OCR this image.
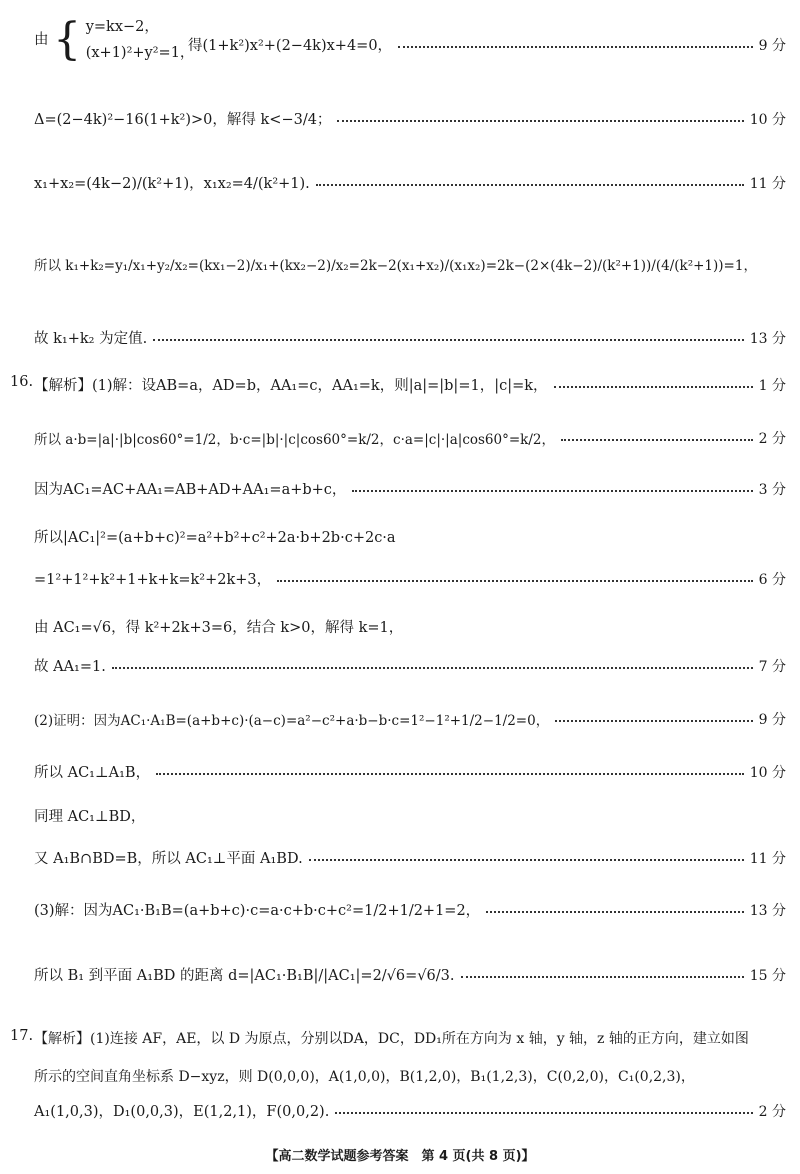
由 { y=kx−2，
(x+1)²+y²=1，
得(1+k²)x²+(2−4k)x+4=0，	9 分
Δ=(2−4k)²−16(1+k²)>0，解得 k<−3/4；	10 分
x₁+x₂=(4k−2)/(k²+1)，x₁x₂=4/(k²+1).	11 分
所以 k₁+k₂=y₁/x₁+y₂/x₂=(kx₁−2)/x₁+(kx₂−2)/x₂=2k−2(x₁+x₂)/(x₁x₂)=2k−(2×(4k−2)/(k²+1))/(4/(k²+1))=1，
故 k₁+k₂ 为定值.	13 分
16. 【解析】(1)解：设AB=a，AD=b，AA₁=c，AA₁=k，则|a|=|b|=1，|c|=k，	1 分
所以 a·b=|a|·|b|cos60°=1/2，b·c=|b|·|c|cos60°=k/2，c·a=|c|·|a|cos60°=k/2，	2 分
因为AC₁=AC+AA₁=AB+AD+AA₁=a+b+c，	3 分
所以|AC₁|²=(a+b+c)²=a²+b²+c²+2a·b+2b·c+2c·a
=1²+1²+k²+1+k+k=k²+2k+3，	6 分
由 AC₁=√6，得 k²+2k+3=6，结合 k>0，解得 k=1，
故 AA₁=1.	7 分
(2)证明：因为AC₁·A₁B=(a+b+c)·(a−c)=a²−c²+a·b−b·c=1²−1²+1/2−1/2=0，	9 分
所以 AC₁⊥A₁B，	10 分
同理 AC₁⊥BD，
又 A₁B∩BD=B，所以 AC₁⊥平面 A₁BD.	11 分
(3)解：因为AC₁·B₁B=(a+b+c)·c=a·c+b·c+c²=1/2+1/2+1=2，	13 分
所以 B₁ 到平面 A₁BD 的距离 d=|AC₁·B₁B|/|AC₁|=2/√6=√6/3.	15 分
17. 【解析】(1)连接 AF，AE，以 D 为原点，分别以DA，DC，DD₁所在方向为 x 轴，y 轴，z 轴的正方向，建立如图
所示的空间直角坐标系 D−xyz，则 D(0,0,0)，A(1,0,0)，B(1,2,0)，B₁(1,2,3)，C(0,2,0)，C₁(0,2,3)，
A₁(1,0,3)，D₁(0,0,3)，E(1,2,1)，F(0,0,2).	2 分
【高二数学试题参考答案　第 4 页(共 8 页)】
